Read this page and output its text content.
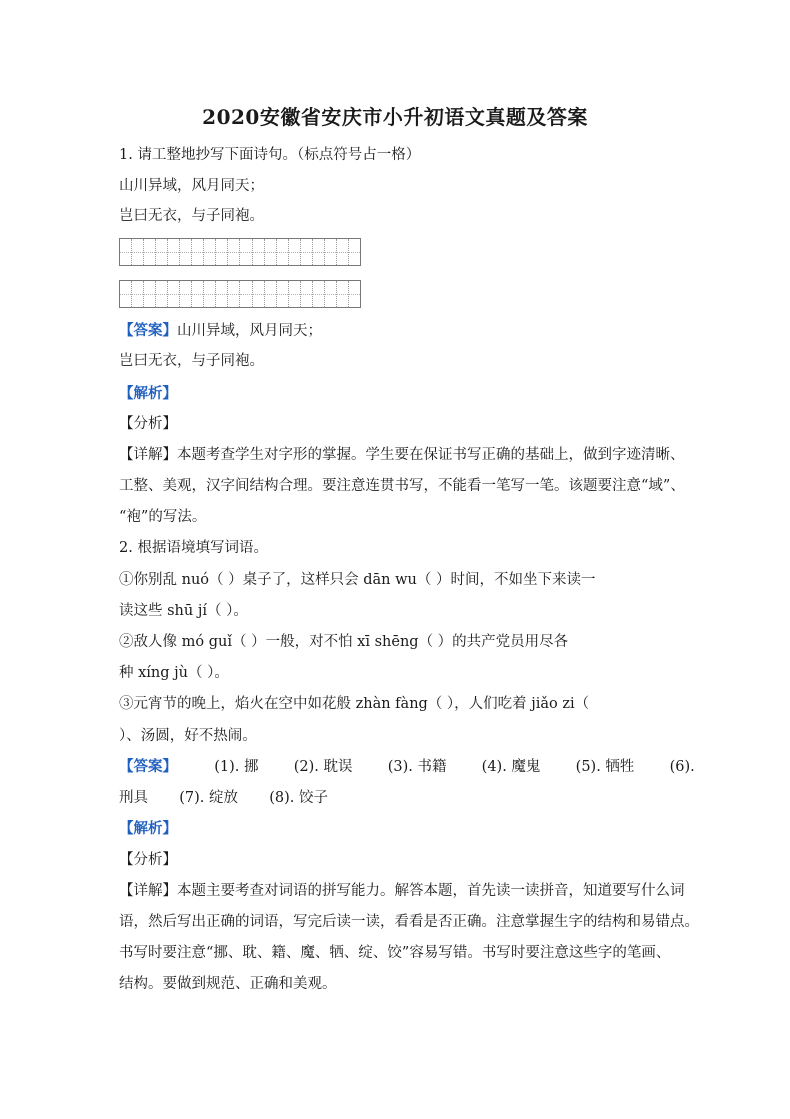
2020安徽省安庆市小升初语文真题及答案
1. 请工整地抄写下面诗句。（标点符号占一格）
山川异域，风月同天；
岂曰无衣，与子同袍。
【答案】山川异域，风月同天；
岂曰无衣，与子同袍。
【解析】
【分析】
【详解】本题考查学生对字形的掌握。学生要在保证书写正确的基础上，做到字迹清晰、
工整、美观，汉字间结构合理。要注意连贯书写，不能看一笔写一笔。该题要注意“域”、
“袍”的写法。
2. 根据语境填写词语。
①你别乱 nuó（ ）桌子了，这样只会 dān wu（ ）时间，不如坐下来读一
读这些 shū jí（ ）。
②敌人像 mó guǐ（ ）一般，对不怕 xī shēng（ ）的共产党员用尽各
种 xíng jù（ ）。
③元宵节的晚上，焰火在空中如花般 zhàn fàng（ ），人们吃着 jiǎo zi（
）、汤圆，好不热闹。
【答案】	(1). 挪 (2). 耽误 (3). 书籍 (4). 魔鬼 (5). 牺牲 (6).
刑具 (7). 绽放 (8). 饺子
【解析】
【分析】
【详解】本题主要考查对词语的拼写能力。解答本题，首先读一读拼音，知道要写什么词
语，然后写出正确的词语，写完后读一读，看看是否正确。注意掌握生字的结构和易错点。
书写时要注意“挪、耽、籍、魔、牺、绽、饺”容易写错。书写时要注意这些字的笔画、
结构。要做到规范、正确和美观。
